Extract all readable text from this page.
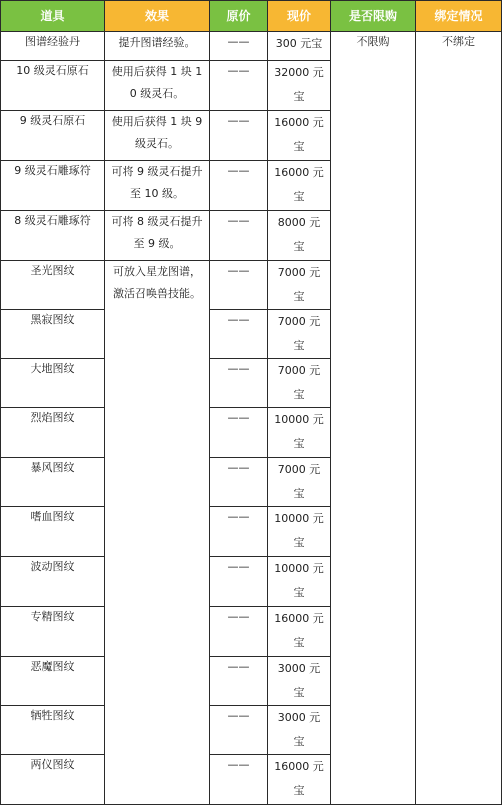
道具	效果	原价	现价	是否限购	绑定情况
图谱经验丹	提升图谱经验。	——	300 元宝	不限购	不绑定
10 级灵石原石	使用后获得 1 块 10 级灵石。	——	32000 元宝		
9 级灵石原石	使用后获得 1 块 9 级灵石。	——	16000 元宝		
9 级灵石雕琢符	可将 9 级灵石提升至 10 级。	——	16000 元宝		
8 级灵石雕琢符	可将 8 级灵石提升至 9 级。	——	8000 元宝		
圣光图纹	可放入星龙图谱，激活召唤兽技能。	——	7000 元宝		
黑寂图纹		——	7000 元宝		
大地图纹		——	7000 元宝		
烈焰图纹		——	10000 元宝		
暴风图纹		——	7000 元宝		
嗜血图纹		——	10000 元宝		
波动图纹		——	10000 元宝		
专精图纹		——	16000 元宝		
恶魔图纹		——	3000 元宝		
牺牲图纹		——	3000 元宝		
两仪图纹		——	16000 元宝		
